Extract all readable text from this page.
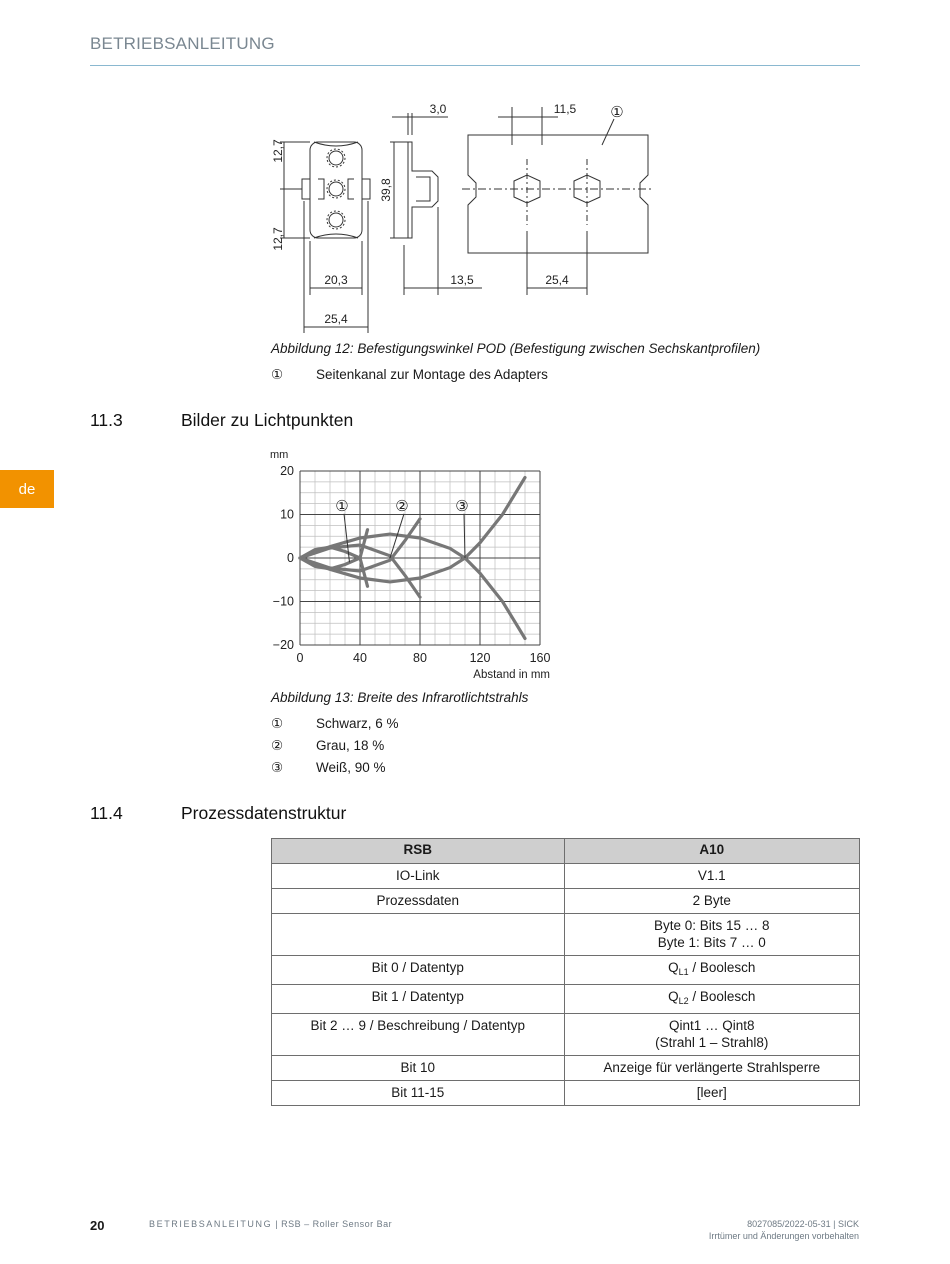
BETRIEBSANLEITUNG
de
12,7
12,7
20,3
25,4
39,8
3,0
13,5
11,5
25,4
①
Abbildung 12: Befestigungswinkel POD (Befestigung zwischen Sechskantprofilen)
① Seitenkanal zur Montage des Adapters
11.3	Bilder zu Lichtpunkten
0	40	80	120	160
20
10
0
−10
−20
mm
Abstand in mm
①	②	③
Abbildung 13: Breite des Infrarotlichtstrahls
① Schwarz, 6 %
② Grau, 18 %
③ Weiß, 90 %
11.4	Prozessdatenstruktur
RSB	A10
IO-Link	V1.1
Prozessdaten	2 Byte

	Byte 0: Bits 15 … 8
Byte 1: Bits 7 … 0

Bit 0 / Datentyp	$Q_{L1}$ / Boolesch
Bit 1 / Datentyp	$Q_{L2}$ / Boolesch
Bit 2 … 9 / Beschreibung / Datentyp	Qint1 … Qint8
(Strahl 1 – Strahl8)

Bit 10	Anzeige für verlängerte Strahlsperre
Bit 11-15	[leer]
20	BETRIEBSANLEITUNG | RSB – Roller Sensor Bar	8027085/2022-05-31 | SICK
Irrtümer und Änderungen vorbehalten
